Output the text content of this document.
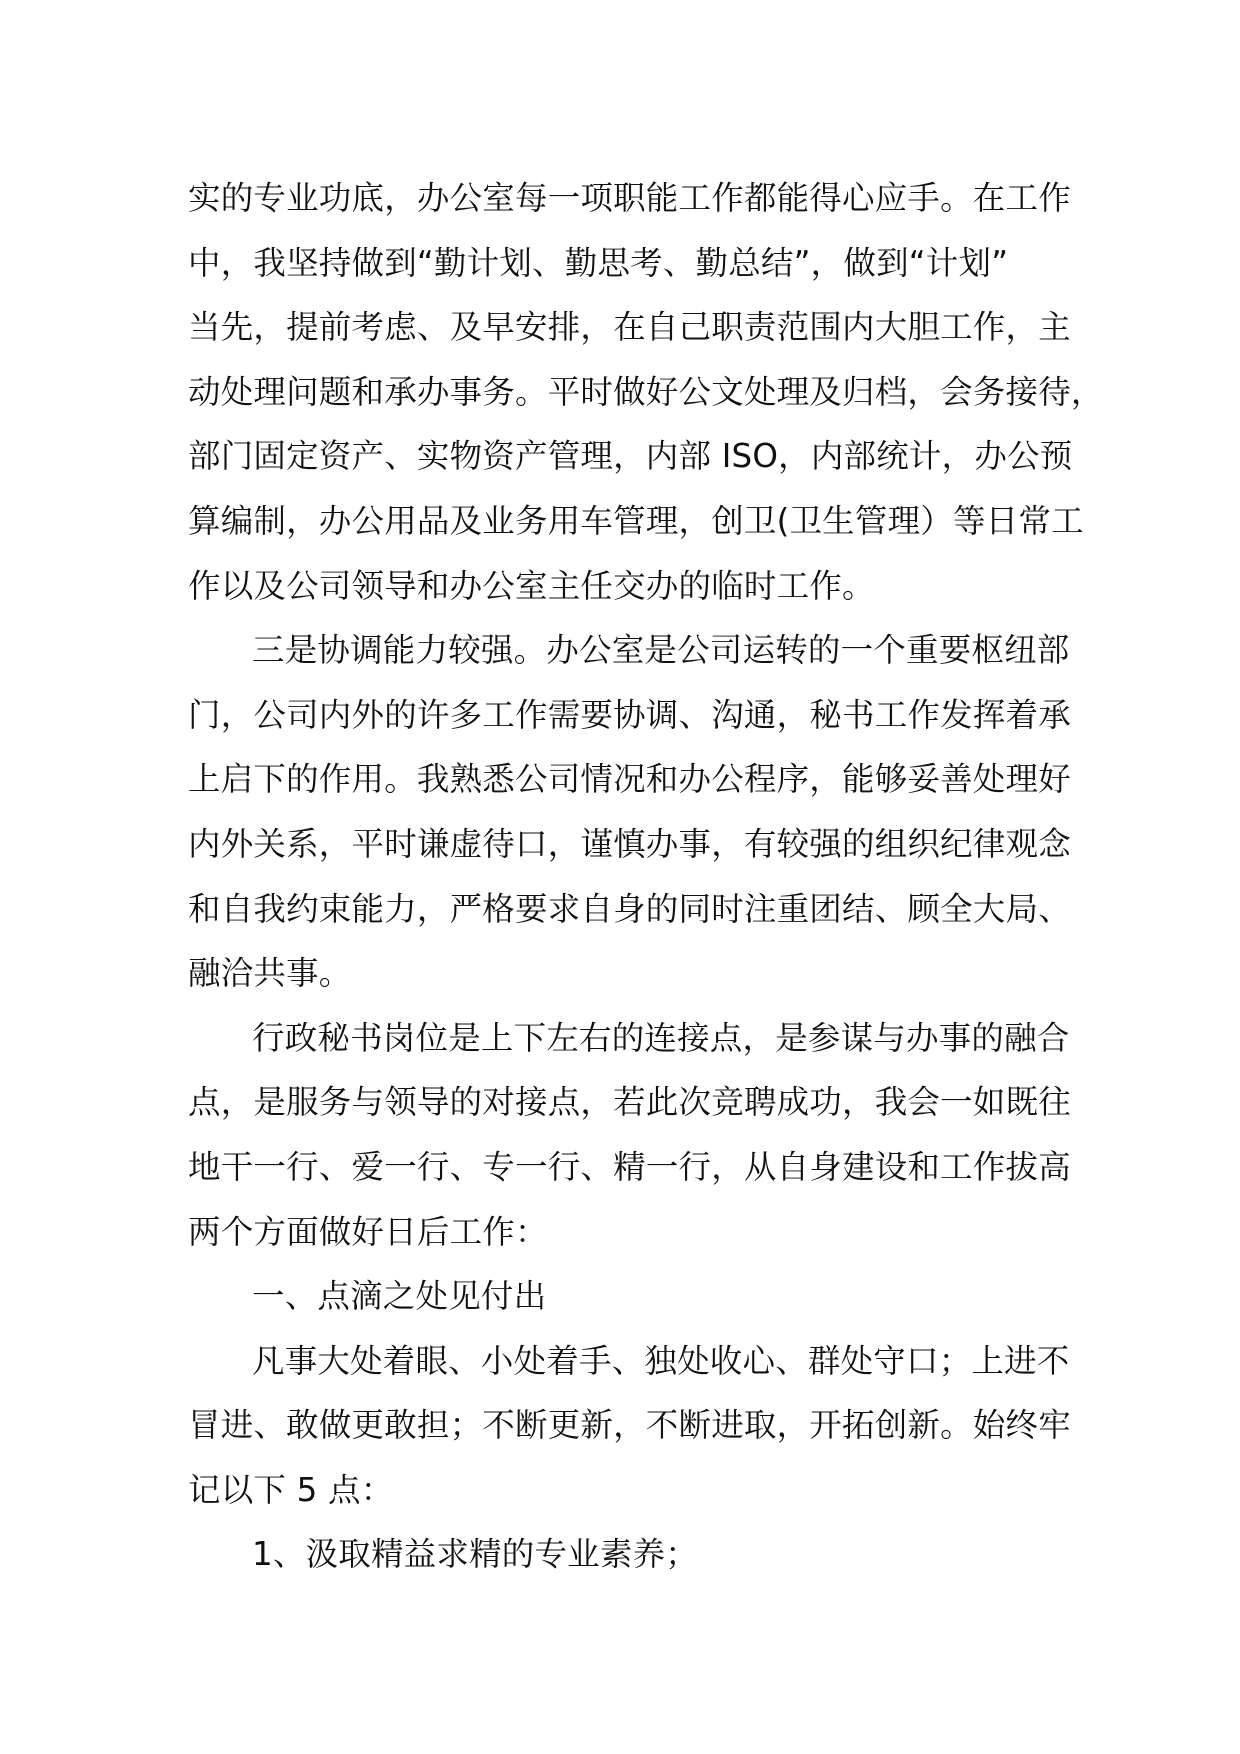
实的专业功底，办公室每一项职能工作都能得心应手。在工作
中，我坚持做到“勤计划、勤思考、勤总结”，做到“计划”
当先，提前考虑、及早安排，在自己职责范围内大胆工作，主
动处理问题和承办事务。平时做好公文处理及归档，会务接待，
部门固定资产、实物资产管理，内部 ISO，内部统计，办公预
算编制，办公用品及业务用车管理，创卫(卫生管理）等日常工
作以及公司领导和办公室主任交办的临时工作。
三是协调能力较强。办公室是公司运转的一个重要枢纽部
门，公司内外的许多工作需要协调、沟通，秘书工作发挥着承
上启下的作用。我熟悉公司情况和办公程序，能够妥善处理好
内外关系，平时谦虚待口，谨慎办事，有较强的组织纪律观念
和自我约束能力，严格要求自身的同时注重团结、顾全大局、
融洽共事。
行政秘书岗位是上下左右的连接点，是参谋与办事的融合
点，是服务与领导的对接点，若此次竞聘成功，我会一如既往
地干一行、爱一行、专一行、精一行，从自身建设和工作拔高
两个方面做好日后工作：
一、点滴之处见付出
凡事大处着眼、小处着手、独处收心、群处守口；上进不
冒进、敢做更敢担；不断更新，不断进取，开拓创新。始终牢
记以下 5 点：
1、汲取精益求精的专业素养；
